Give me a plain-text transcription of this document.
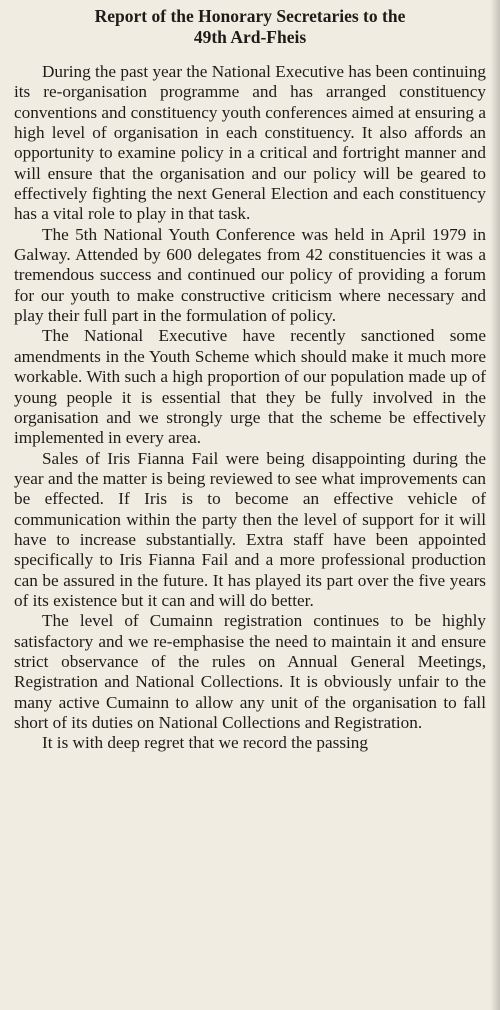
Report of the Honorary Secretaries to the
49th Ard-Fheis

During the past year the National Executive has been continuing its re-organisation programme and has arranged constituency conventions and constituency youth conferences aimed at ensuring a high level of organisation in each constituency. It also affords an opportunity to examine policy in a critical and fortright manner and will ensure that the organisation and our policy will be geared to effectively fighting the next General Election and each constituency has a vital role to play in that task.

The 5th National Youth Conference was held in April 1979 in Galway. Attended by 600 delegates from 42 constituencies it was a tremendous success and continued our policy of providing a forum for our youth to make constructive criticism where necessary and play their full part in the formulation of policy.

The National Executive have recently sanctioned some amendments in the Youth Scheme which should make it much more workable. With such a high proportion of our population made up of young people it is essential that they be fully involved in the organisation and we strongly urge that the scheme be effectively implemented in every area.

Sales of Iris Fianna Fail were being disappointing during the year and the matter is being reviewed to see what improvements can be effected. If Iris is to become an effective vehicle of communication within the party then the level of support for it will have to increase substantially. Extra staff have been appointed specifically to Iris Fianna Fail and a more professional production can be assured in the future. It has played its part over the five years of its existence but it can and will do better.

The level of Cumainn registration continues to be highly satisfactory and we re-emphasise the need to maintain it and ensure strict observance of the rules on Annual General Meetings, Registration and National Collections. It is obviously unfair to the many active Cumainn to allow any unit of the organisation to fall short of its duties on National Collections and Registration.

It is with deep regret that we record the passing
